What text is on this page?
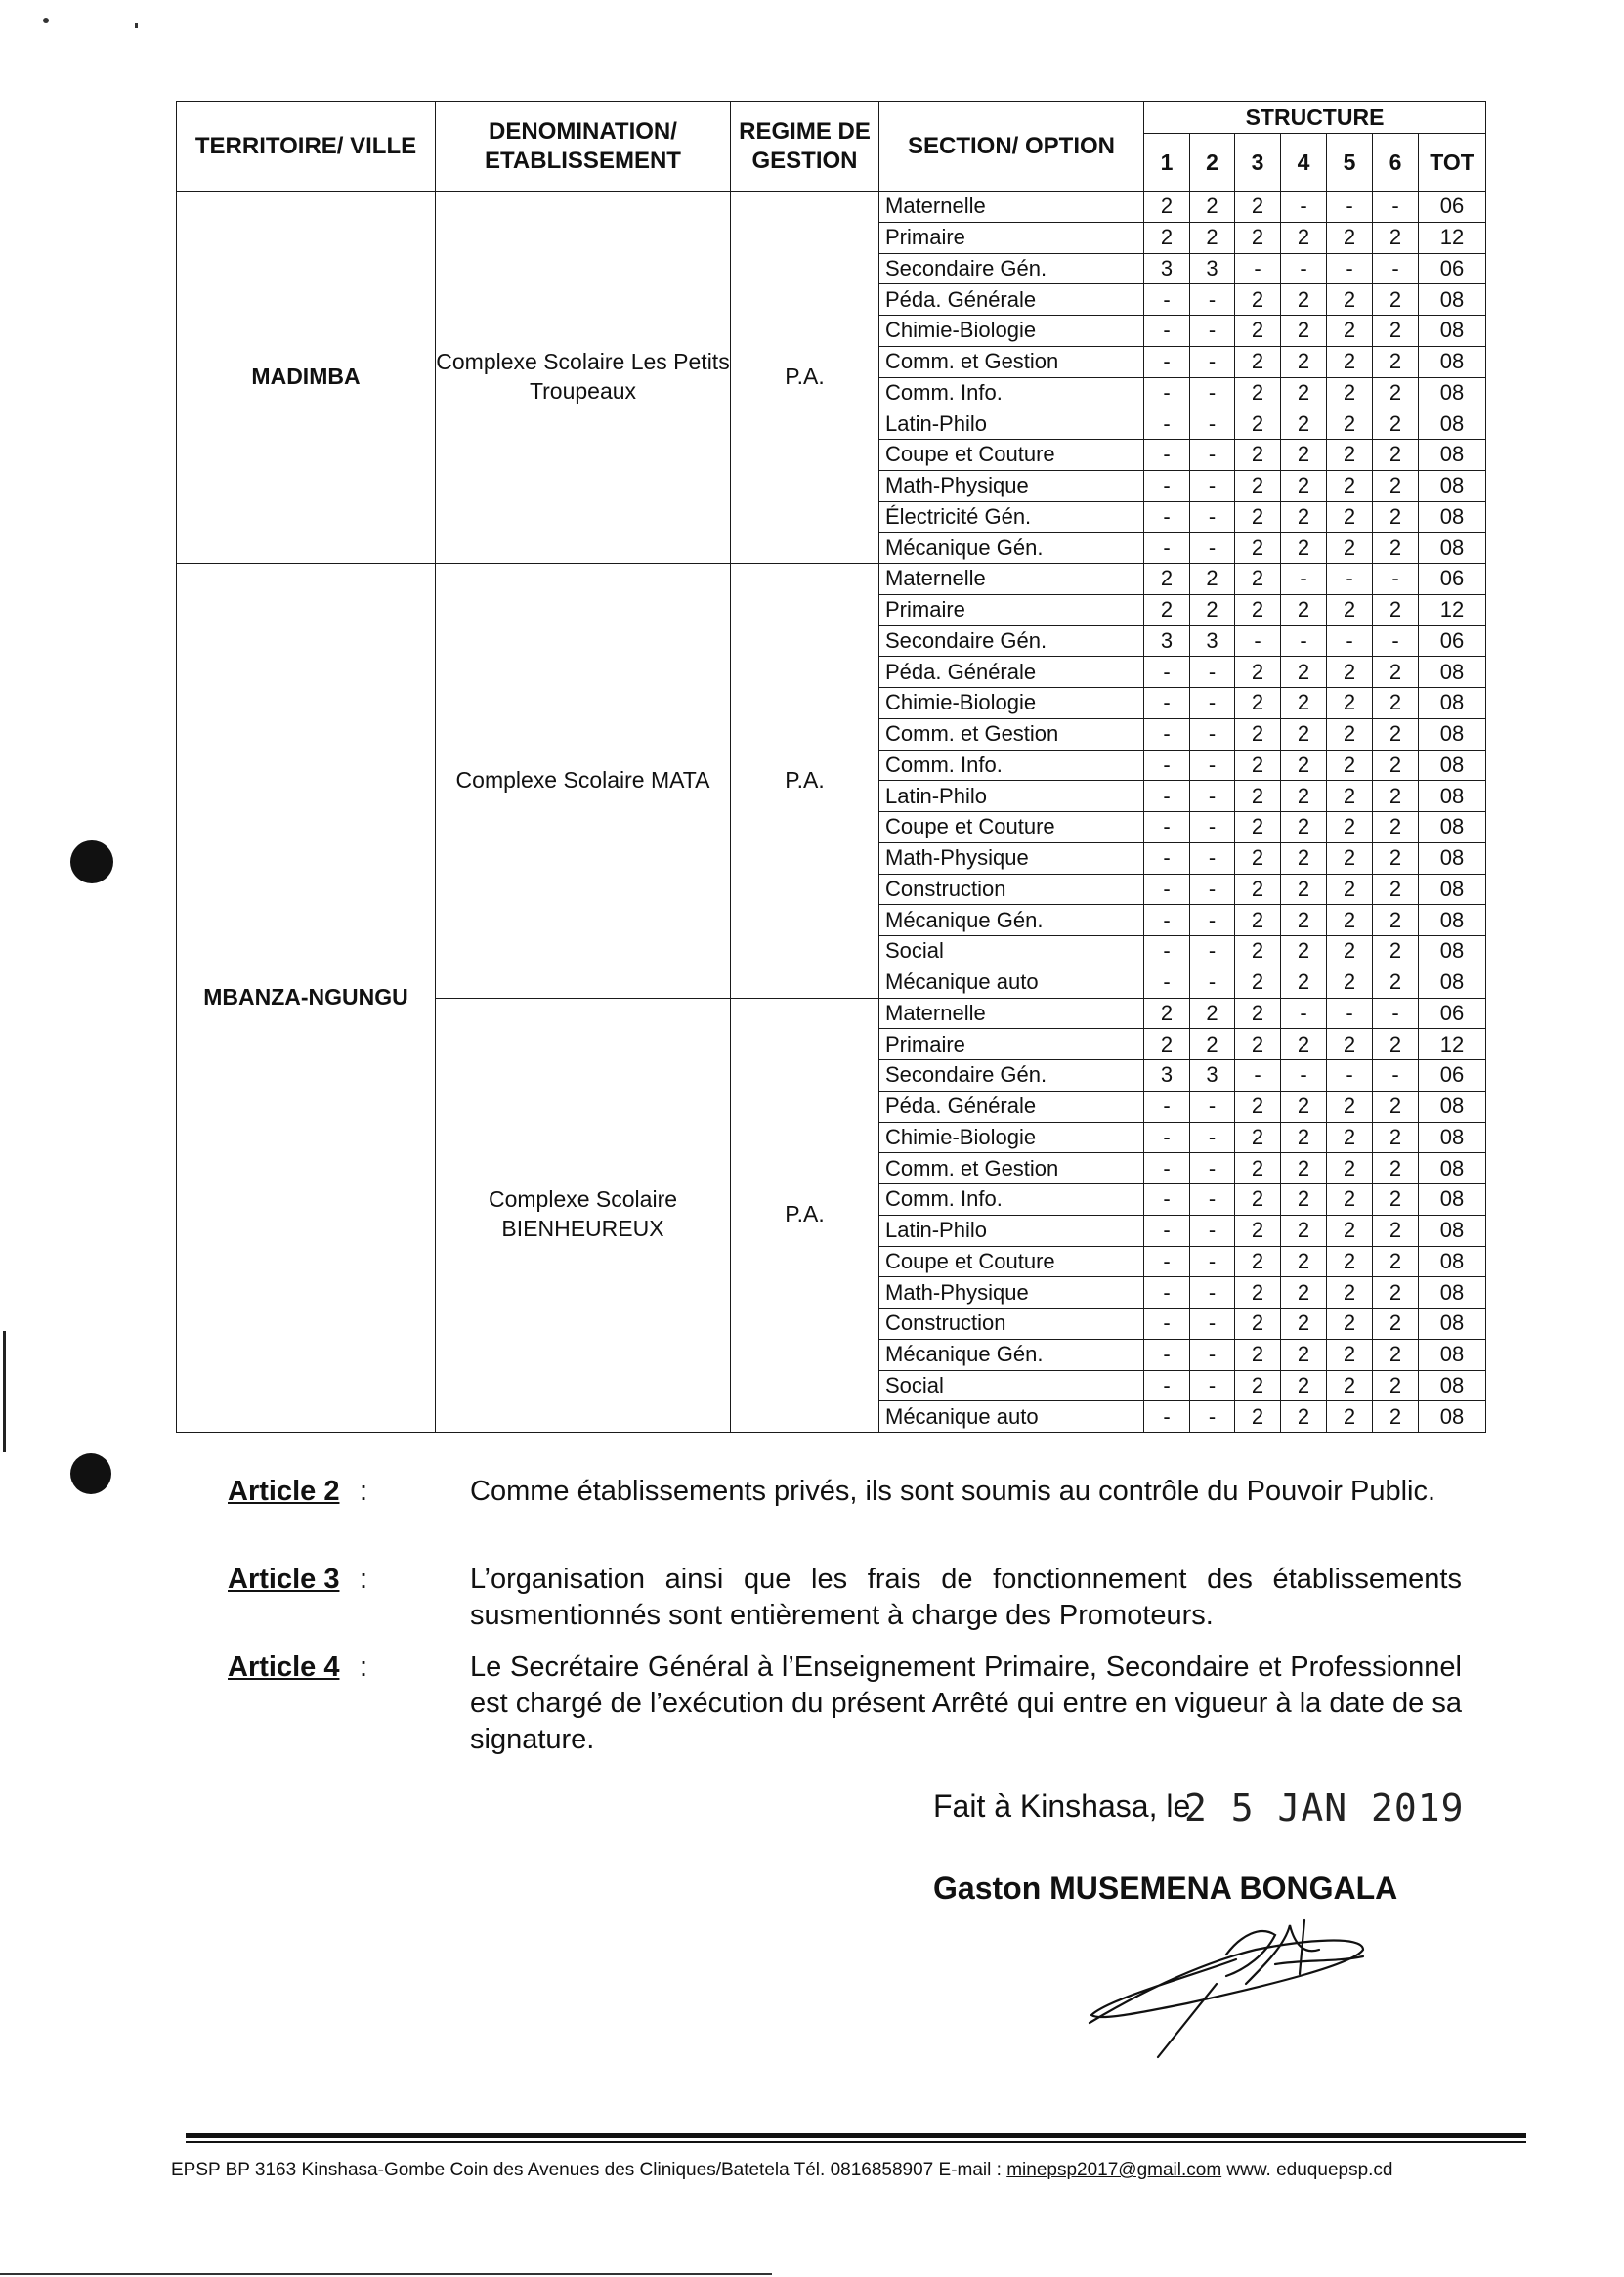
TERRITOIRE/ VILLE	DENOMINATION/ ETABLISSEMENT	REGIME DE GESTION	SECTION/ OPTION	STRUCTURE						
				1	2	3	4	5	6	TOT
MADIMBA	Complexe Scolaire Les Petits Troupeaux	P.A.	Maternelle	2	2	2	-	-	-	06
			Primaire	2	2	2	2	2	2	12
			Secondaire Gén.	3	3	-	-	-	-	06
			Péda. Générale	-	-	2	2	2	2	08
			Chimie-Biologie	-	-	2	2	2	2	08
			Comm. et Gestion	-	-	2	2	2	2	08
			Comm. Info.	-	-	2	2	2	2	08
			Latin-Philo	-	-	2	2	2	2	08
			Coupe et Couture	-	-	2	2	2	2	08
			Math-Physique	-	-	2	2	2	2	08
			Électricité Gén.	-	-	2	2	2	2	08
			Mécanique Gén.	-	-	2	2	2	2	08
MBANZA-NGUNGU	Complexe Scolaire MATA	P.A.	Maternelle	2	2	2	-	-	-	06
			Primaire	2	2	2	2	2	2	12
			Secondaire Gén.	3	3	-	-	-	-	06
			Péda. Générale	-	-	2	2	2	2	08
			Chimie-Biologie	-	-	2	2	2	2	08
			Comm. et Gestion	-	-	2	2	2	2	08
			Comm. Info.	-	-	2	2	2	2	08
			Latin-Philo	-	-	2	2	2	2	08
			Coupe et Couture	-	-	2	2	2	2	08
			Math-Physique	-	-	2	2	2	2	08
			Construction	-	-	2	2	2	2	08
			Mécanique Gén.	-	-	2	2	2	2	08
			Social	-	-	2	2	2	2	08
			Mécanique auto	-	-	2	2	2	2	08
	Complexe Scolaire BIENHEUREUX	P.A.	Maternelle	2	2	2	-	-	-	06
			Primaire	2	2	2	2	2	2	12
			Secondaire Gén.	3	3	-	-	-	-	06
			Péda. Générale	-	-	2	2	2	2	08
			Chimie-Biologie	-	-	2	2	2	2	08
			Comm. et Gestion	-	-	2	2	2	2	08
			Comm. Info.	-	-	2	2	2	2	08
			Latin-Philo	-	-	2	2	2	2	08
			Coupe et Couture	-	-	2	2	2	2	08
			Math-Physique	-	-	2	2	2	2	08
			Construction	-	-	2	2	2	2	08
			Mécanique Gén.	-	-	2	2	2	2	08
			Social	-	-	2	2	2	2	08
			Mécanique auto	-	-	2	2	2	2	08
Article 2 :	Comme établissements privés, ils sont soumis au contrôle du Pouvoir Public.
Article 3 :	L’organisation ainsi que les frais de fonctionnement des établissements susmentionnés sont entièrement à charge des Promoteurs.
Article 4 :	Le Secrétaire Général à l’Enseignement Primaire, Secondaire et Professionnel est chargé de l’exécution du présent Arrêté qui entre en vigueur à la date de sa signature.
Fait à Kinshasa, le
2 5 JAN 2019
Gaston MUSEMENA BONGALA
EPSP BP 3163 Kinshasa-Gombe Coin des Avenues des Cliniques/Batetela Tél. 0816858907 E-mail : minepsp2017@gmail.com www. eduquepsp.cd
